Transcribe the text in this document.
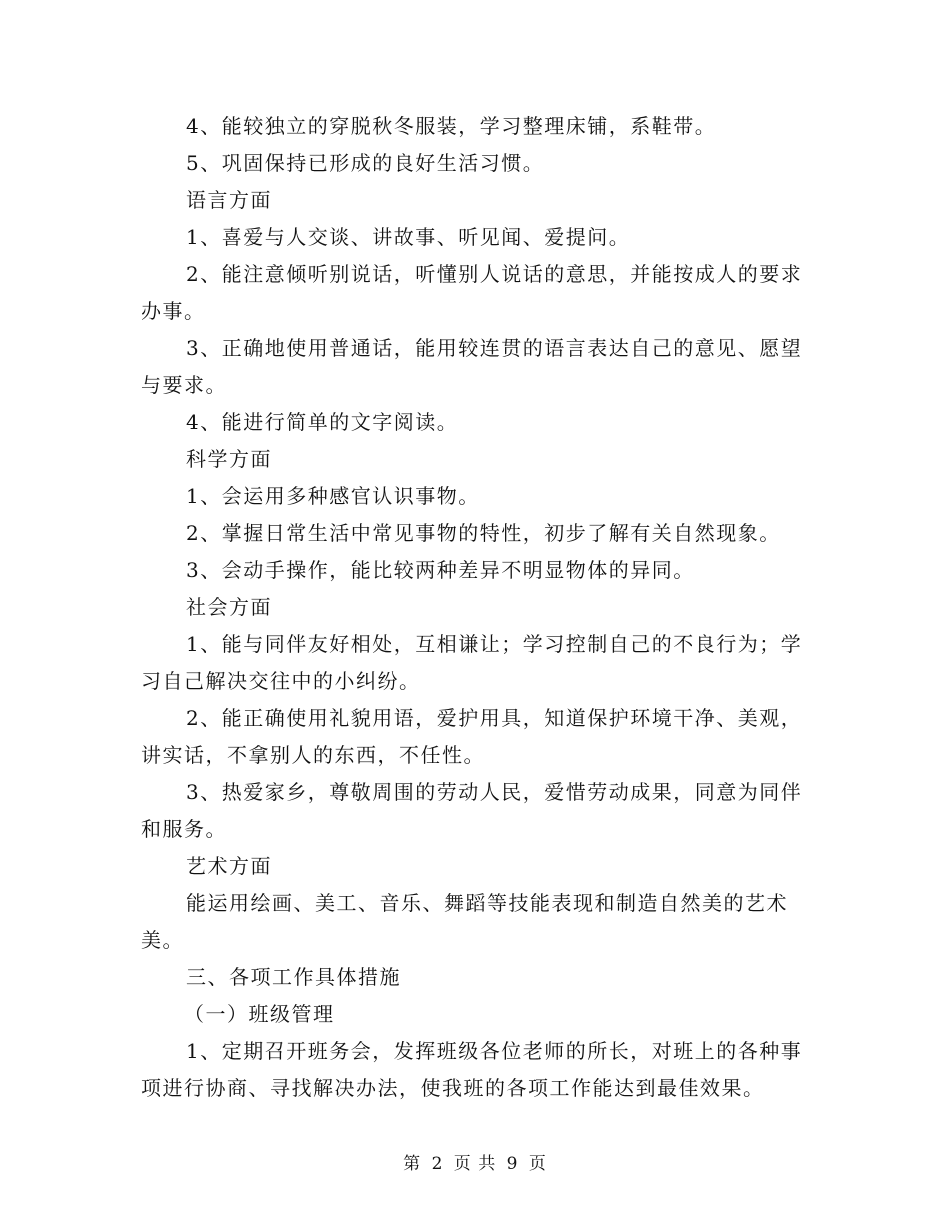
4、能较独立的穿脱秋冬服装，学习整理床铺，系鞋带。
5、巩固保持已形成的良好生活习惯。
语言方面
1、喜爱与人交谈、讲故事、听见闻、爱提问。
2、能注意倾听别说话，听懂别人说话的意思，并能按成人的要求
办事。
3、正确地使用普通话，能用较连贯的语言表达自己的意见、愿望
与要求。
4、能进行简单的文字阅读。
科学方面
1、会运用多种感官认识事物。
2、掌握日常生活中常见事物的特性，初步了解有关自然现象。
3、会动手操作，能比较两种差异不明显物体的异同。
社会方面
1、能与同伴友好相处，互相谦让；学习控制自己的不良行为；学
习自己解决交往中的小纠纷。
2、能正确使用礼貌用语，爱护用具，知道保护环境干净、美观，
讲实话，不拿别人的东西，不任性。
3、热爱家乡，尊敬周围的劳动人民，爱惜劳动成果，同意为同伴
和服务。
艺术方面
能运用绘画、美工、音乐、舞蹈等技能表现和制造自然美的艺术
美。
三、各项工作具体措施
（一）班级管理
1、定期召开班务会，发挥班级各位老师的所长，对班上的各种事
项进行协商、寻找解决办法，使我班的各项工作能达到最佳效果。
第 2 页 共 9 页
